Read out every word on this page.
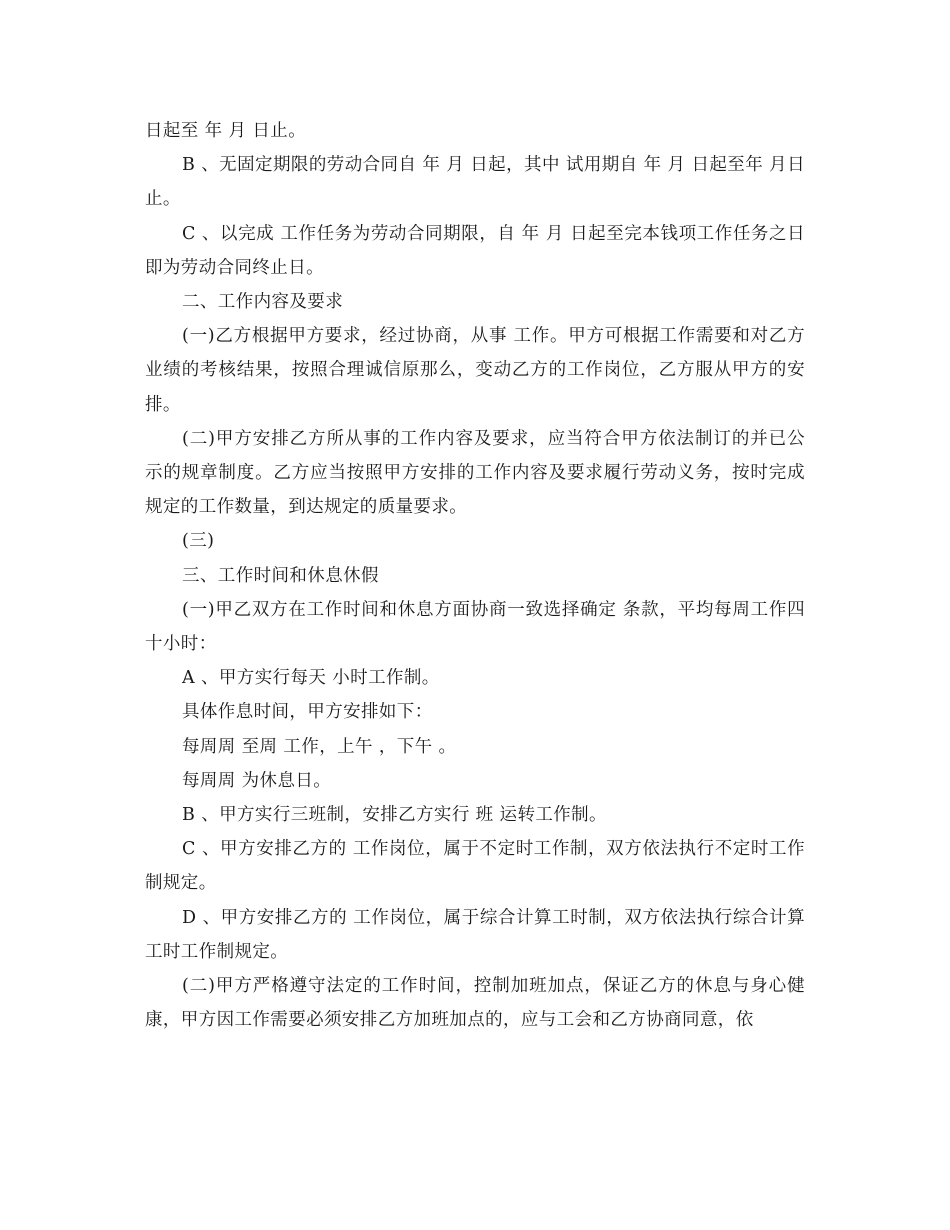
日起至 年 月 日止。

B 、无固定期限的劳动合同自 年 月 日起，其中 试用期自 年 月 日起至年 月日止。

C 、以完成 工作任务为劳动合同期限，自 年 月 日起至完本钱项工作任务之日即为劳动合同终止日。

二、工作内容及要求

(一)乙方根据甲方要求，经过协商，从事 工作。甲方可根据工作需要和对乙方业绩的考核结果，按照合理诚信原那么，变动乙方的工作岗位，乙方服从甲方的安排。

(二)甲方安排乙方所从事的工作内容及要求，应当符合甲方依法制订的并已公示的规章制度。乙方应当按照甲方安排的工作内容及要求履行劳动义务，按时完成规定的工作数量，到达规定的质量要求。

(三)

三、工作时间和休息休假

(一)甲乙双方在工作时间和休息方面协商一致选择确定 条款，平均每周工作四十小时：

A 、甲方实行每天 小时工作制。

具体作息时间，甲方安排如下：

每周周 至周 工作，上午 ，下午 。

每周周 为休息日。

B 、甲方实行三班制，安排乙方实行 班 运转工作制。

C 、甲方安排乙方的 工作岗位，属于不定时工作制，双方依法执行不定时工作制规定。

D 、甲方安排乙方的 工作岗位，属于综合计算工时制，双方依法执行综合计算工时工作制规定。

(二)甲方严格遵守法定的工作时间，控制加班加点，保证乙方的休息与身心健康，甲方因工作需要必须安排乙方加班加点的，应与工会和乙方协商同意，依
